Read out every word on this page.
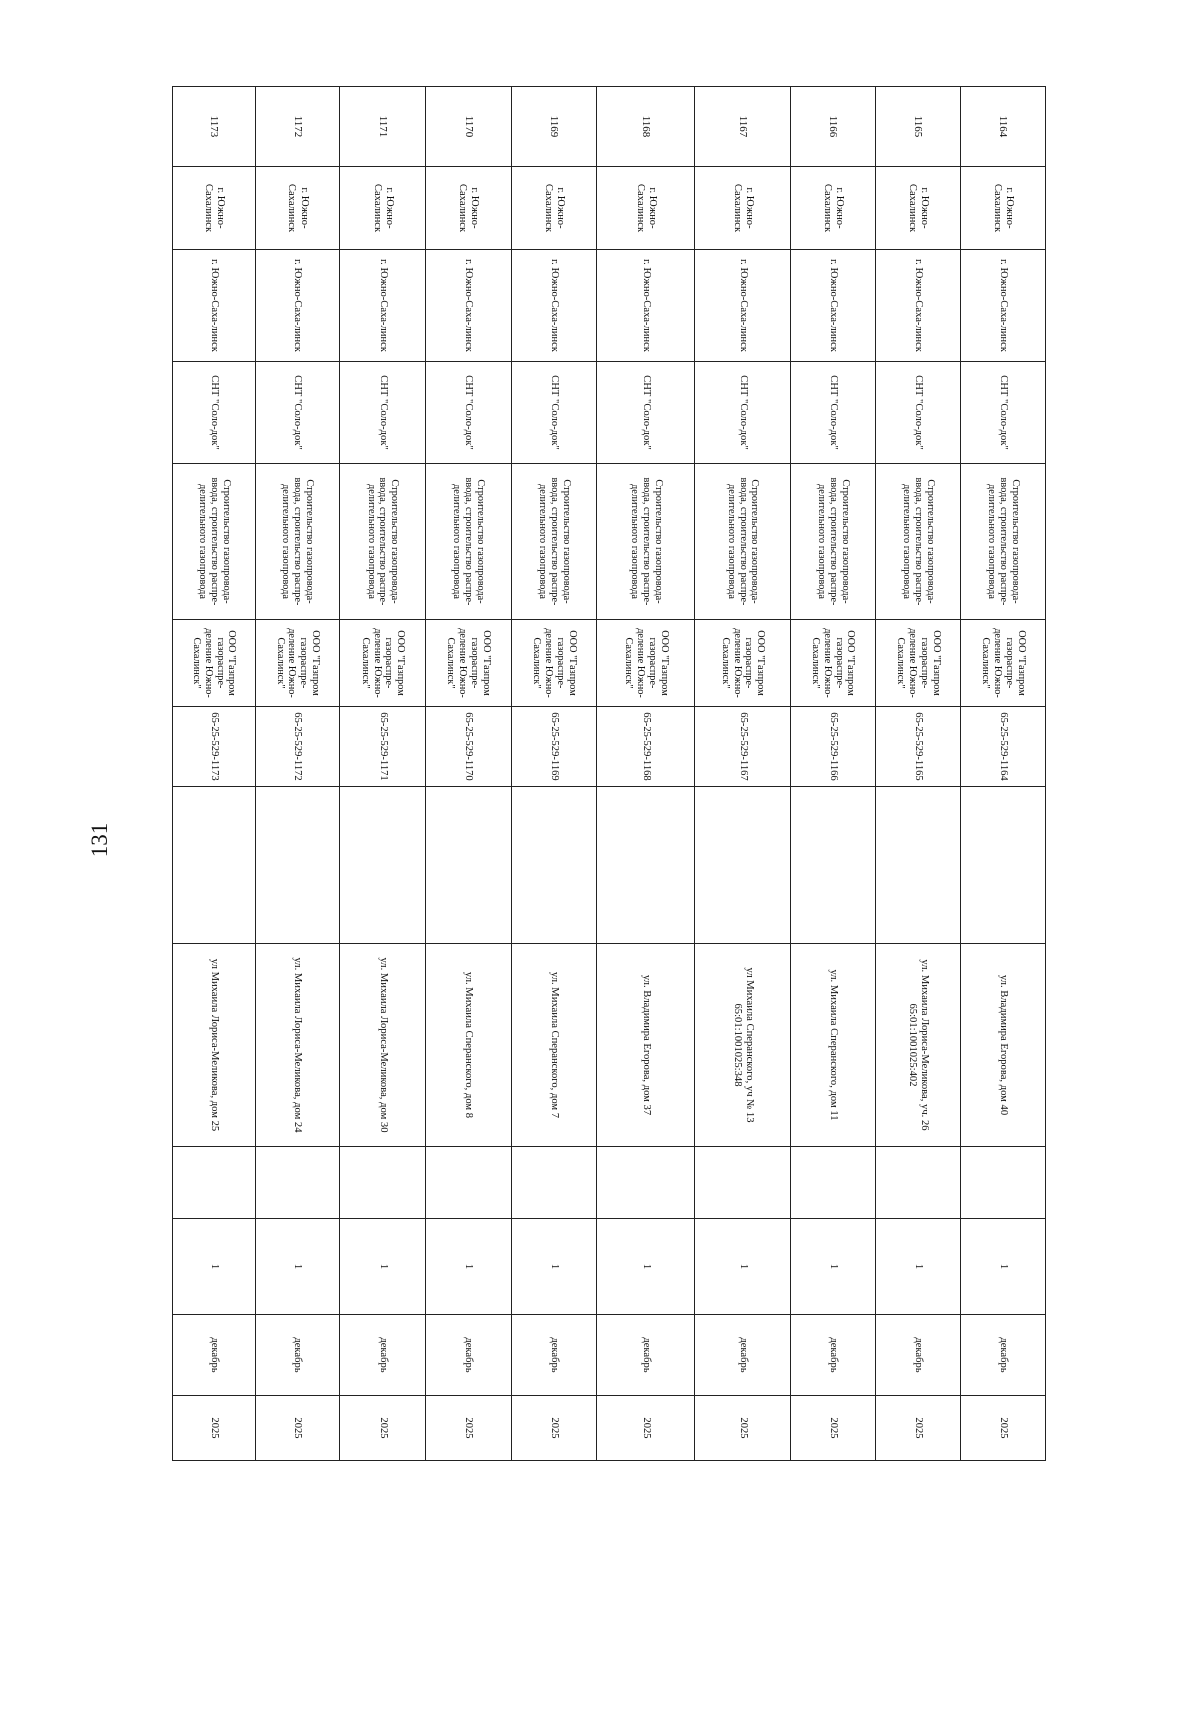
131
1164	г. Южно-Сахалинск	г. Южно-Саха-линск	СНТ "Соло-док"	Строительство газопровода-ввода, строительство распре-делительного газопровода	ООО "Газпром газораспре-деление Южно-Сахалинск"	65-25-529-1164		ул. Владимира Егорова, дом 40		1	декабрь	2025
1165	г. Южно-Сахалинск	г. Южно-Саха-линск	СНТ "Соло-док"	Строительство газопровода-ввода, строительство распре-делительного газопровода	ООО "Газпром газораспре-деление Южно-Сахалинск"	65-25-529-1165		ул. Михаила Лориса-Меликова, уч. 26 65:01:1001025:402		1	декабрь	2025
1166	г. Южно-Сахалинск	г. Южно-Саха-линск	СНТ "Соло-док"	Строительство газопровода-ввода, строительство распре-делительного газопровода	ООО "Газпром газораспре-деление Южно-Сахалинск"	65-25-529-1166		ул. Михаила Сперанского, дом 11		1	декабрь	2025
1167	г. Южно-Сахалинск	г. Южно-Саха-линск	СНТ "Соло-док"	Строительство газопровода-ввода, строительство распре-делительного газопровода	ООО "Газпром газораспре-деление Южно-Сахалинск"	65-25-529-1167		ул Михаила Сперанского, уч № 13 65:01:1001025:348		1	декабрь	2025
1168	г. Южно-Сахалинск	г. Южно-Саха-линск	СНТ "Соло-док"	Строительство газопровода-ввода, строительство распре-делительного газопровода	ООО "Газпром газораспре-деление Южно-Сахалинск"	65-25-529-1168		ул. Владимира Егорова, дом 37		1	декабрь	2025
1169	г. Южно-Сахалинск	г. Южно-Саха-линск	СНТ "Соло-док"	Строительство газопровода-ввода, строительство распре-делительного газопровода	ООО "Газпром газораспре-деление Южно-Сахалинск"	65-25-529-1169		ул. Михаила Сперанского, дом 7		1	декабрь	2025
1170	г. Южно-Сахалинск	г. Южно-Саха-линск	СНТ "Соло-док"	Строительство газопровода-ввода, строительство распре-делительного газопровода	ООО "Газпром газораспре-деление Южно-Сахалинск"	65-25-529-1170		ул. Михаила Сперанского, дом 8		1	декабрь	2025
1171	г. Южно-Сахалинск	г. Южно-Саха-линск	СНТ "Соло-док"	Строительство газопровода-ввода, строительство распре-делительного газопровода	ООО "Газпром газораспре-деление Южно-Сахалинск"	65-25-529-1171		ул. Михаила Лориса-Меликова, дом 30		1	декабрь	2025
1172	г. Южно-Сахалинск	г. Южно-Саха-линск	СНТ "Соло-док"	Строительство газопровода-ввода, строительство распре-делительного газопровода	ООО "Газпром газораспре-деление Южно-Сахалинск"	65-25-529-1172		ул. Михаила Лориса-Меликова, дом 24		1	декабрь	2025
1173	г. Южно-Сахалинск	г. Южно-Саха-линск	СНТ "Соло-док"	Строительство газопровода-ввода, строительство распре-делительного газопровода	ООО "Газпром газораспре-деление Южно-Сахалинск"	65-25-529-1173		ул Михаила Лориса-Меликова, дом 25		1	декабрь	2025
